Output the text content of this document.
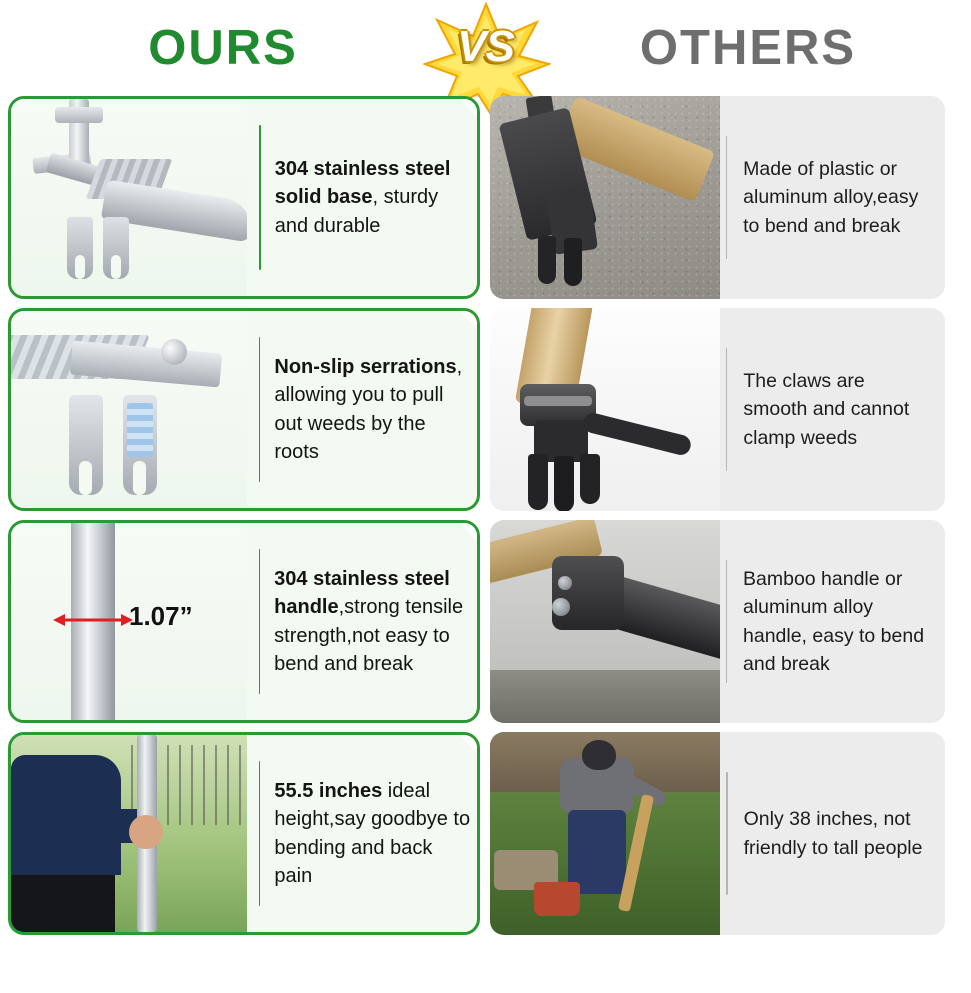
OURS	VS	OTHERS
304 stainless steel solid base, sturdy and durable
Made of plastic or aluminum alloy,easy to bend and break
Non-slip serrations, allowing you to pull out weeds by the roots
The claws are smooth and cannot clamp weeds
1.07”
304 stainless steel handle,strong tensile strength,not easy to bend and break
Bamboo handle or aluminum alloy handle, easy to bend and break
55.5 inches ideal height,say goodbye to bending and back pain
Only 38 inches, not friendly to tall people
